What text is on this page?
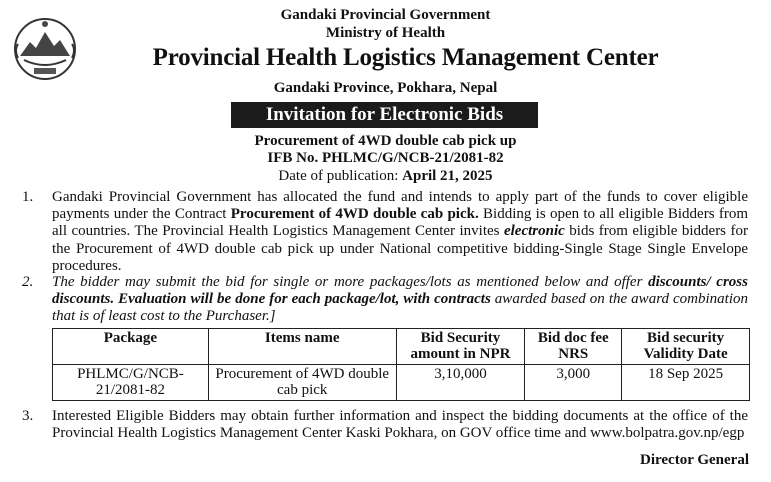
Gandaki Provincial Government
Ministry of Health
Provincial Health Logistics Management Center
Gandaki Province, Pokhara, Nepal
Invitation for Electronic Bids
Procurement of 4WD double cab pick up
IFB No. PHLMC/G/NCB-21/2081-82
Date of publication: April 21, 2025
1. Gandaki Provincial Government has allocated the fund and intends to apply part of the funds to cover eligible payments under the Contract Procurement of 4WD double cab pick. Bidding is open to all eligible Bidders from all countries. The Provincial Health Logistics Management Center invites electronic bids from eligible bidders for the Procurement of 4WD double cab pick up under National competitive bidding-Single Stage Single Envelope procedures.
2. The bidder may submit the bid for single or more packages/lots as mentioned below and offer discounts/ cross discounts. Evaluation will be done for each package/lot, with contracts awarded based on the award combination that is of least cost to the Purchaser.]
Package	Items name	Bid Security amount in NPR	Bid doc fee NRS	Bid security Validity Date
PHLMC/G/NCB-21/2081-82	Procurement of 4WD double cab pick	3,10,000	3,000	18 Sep 2025
3. Interested Eligible Bidders may obtain further information and inspect the bidding documents at the office of the Provincial Health Logistics Management Center Kaski Pokhara, on GOV office time and www.bolpatra.gov.np/egp
Director General
